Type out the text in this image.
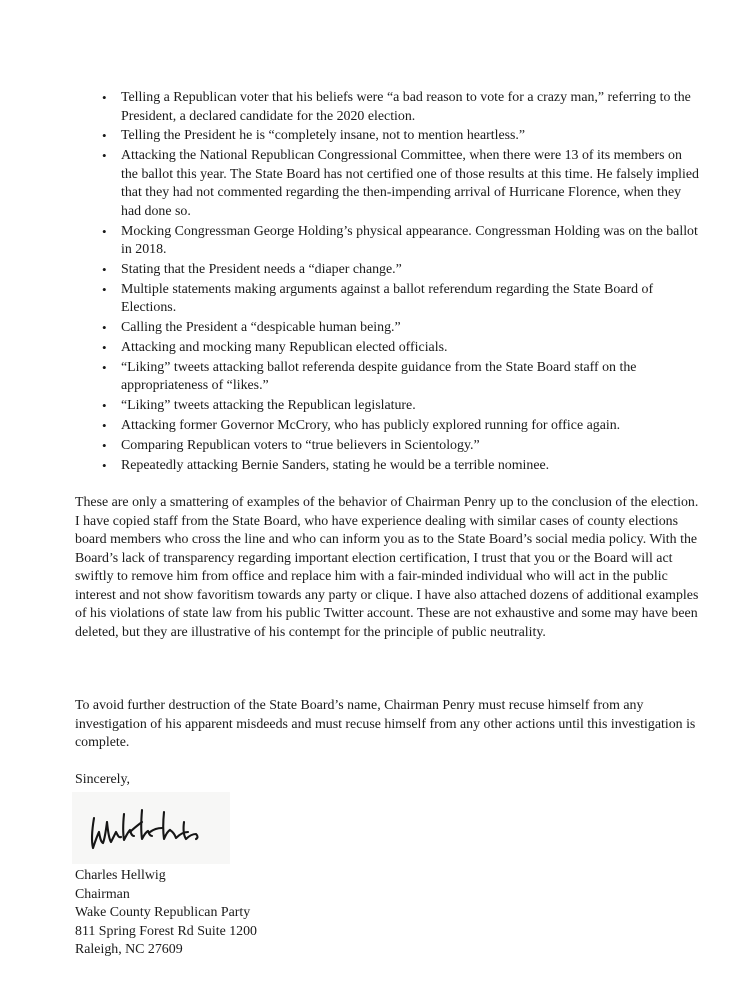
• Telling a Republican voter that his beliefs were “a bad reason to vote for a crazy man,” referring to the President, a declared candidate for the 2020 election.
• Telling the President he is “completely insane, not to mention heartless.”
• Attacking the National Republican Congressional Committee, when there were 13 of its members on the ballot this year. The State Board has not certified one of those results at this time. He falsely implied that they had not commented regarding the then-impending arrival of Hurricane Florence, when they had done so.
• Mocking Congressman George Holding’s physical appearance. Congressman Holding was on the ballot in 2018.
• Stating that the President needs a “diaper change.”
• Multiple statements making arguments against a ballot referendum regarding the State Board of Elections.
• Calling the President a “despicable human being.”
• Attacking and mocking many Republican elected officials.
• “Liking” tweets attacking ballot referenda despite guidance from the State Board staff on the appropriateness of “likes.”
• “Liking” tweets attacking the Republican legislature.
• Attacking former Governor McCrory, who has publicly explored running for office again.
• Comparing Republican voters to “true believers in Scientology.”
• Repeatedly attacking Bernie Sanders, stating he would be a terrible nominee.

These are only a smattering of examples of the behavior of Chairman Penry up to the conclusion of the election. I have copied staff from the State Board, who have experience dealing with similar cases of county elections board members who cross the line and who can inform you as to the State Board’s social media policy. With the Board’s lack of transparency regarding important election certification, I trust that you or the Board will act swiftly to remove him from office and replace him with a fair-minded individual who will act in the public interest and not show favoritism towards any party or clique. I have also attached dozens of additional examples of his violations of state law from his public Twitter account. These are not exhaustive and some may have been deleted, but they are illustrative of his contempt for the principle of public neutrality.

To avoid further destruction of the State Board’s name, Chairman Penry must recuse himself from any investigation of his apparent misdeeds and must recuse himself from any other actions until this investigation is complete.

Sincerely,

Charles Hellwig
Chairman
Wake County Republican Party
811 Spring Forest Rd Suite 1200
Raleigh, NC 27609
